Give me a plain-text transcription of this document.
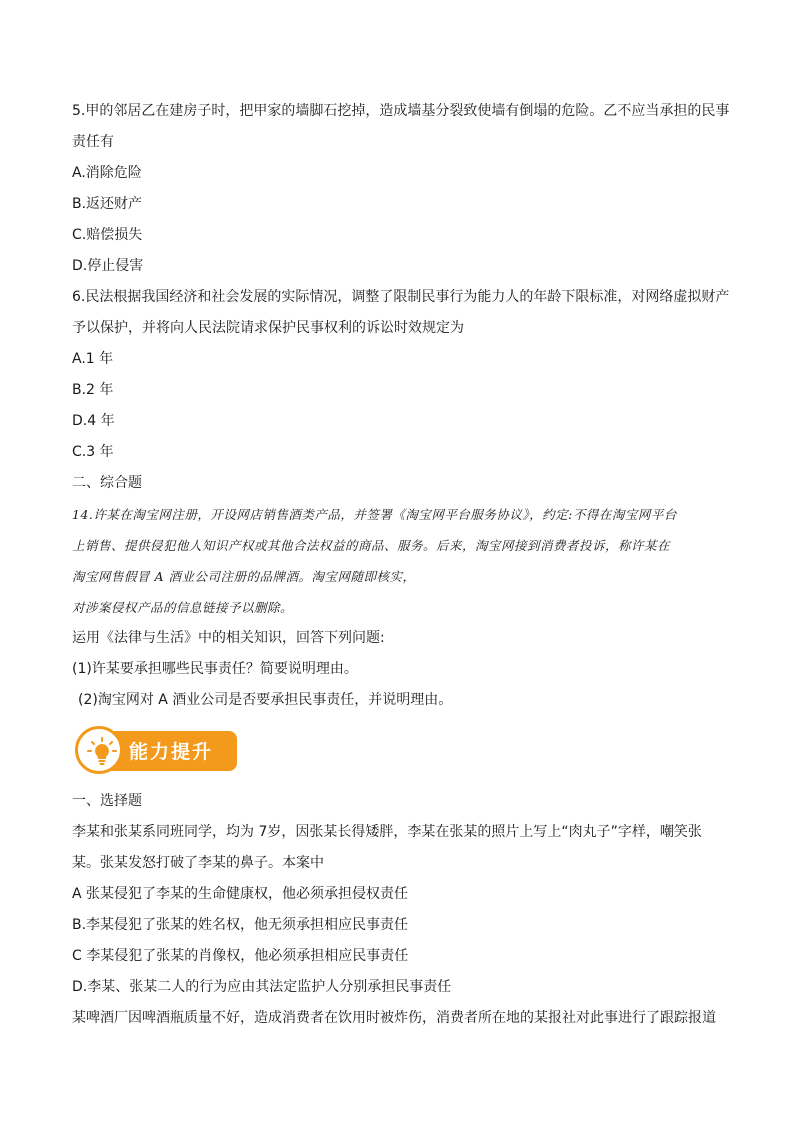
5.甲的邻居乙在建房子时，把甲家的墙脚石挖掉，造成墙基分裂致使墙有倒塌的危险。乙不应当承担的民事
责任有
A.消除危险
B.返还财产
C.赔偿损失
D.停止侵害
6.民法根据我国经济和社会发展的实际情况，调整了限制民事行为能力人的年龄下限标准，对网络虚拟财产
予以保护，并将向人民法院请求保护民事权利的诉讼时效规定为
A.1 年
B.2 年
D.4 年
C.3 年
二、综合题
14.许某在淘宝网注册，开设网店销售酒类产品，并签署《淘宝网平台服务协议》，约定:不得在淘宝网平台
上销售、提供侵犯他人知识产权或其他合法权益的商品、服务。后来，淘宝网接到消费者投诉，称许某在
淘宝网售假冒 A 酒业公司注册的品牌酒。淘宝网随即核实，
对涉案侵权产品的信息链接予以删除。
运用《法律与生活》中的相关知识，回答下列问题:
(1)许某要承担哪些民事责任？简要说明理由。
(2)淘宝网对 A 酒业公司是否要承担民事责任，并说明理由。
能力提升
一、选择题
李某和张某系同班同学，均为 7岁，因张某长得矮胖，李某在张某的照片上写上“肉丸子”字样，嘲笑张
某。张某发怒打破了李某的鼻子。本案中
A 张某侵犯了李某的生命健康权，他必须承担侵权责任
B.李某侵犯了张某的姓名权，他无须承担相应民事责任
C 李某侵犯了张某的肖像权，他必须承担相应民事责任
D.李某、张某二人的行为应由其法定监护人分别承担民事责任
某啤酒厂因啤酒瓶质量不好，造成消费者在饮用时被炸伤，消费者所在地的某报社对此事进行了跟踪报道
